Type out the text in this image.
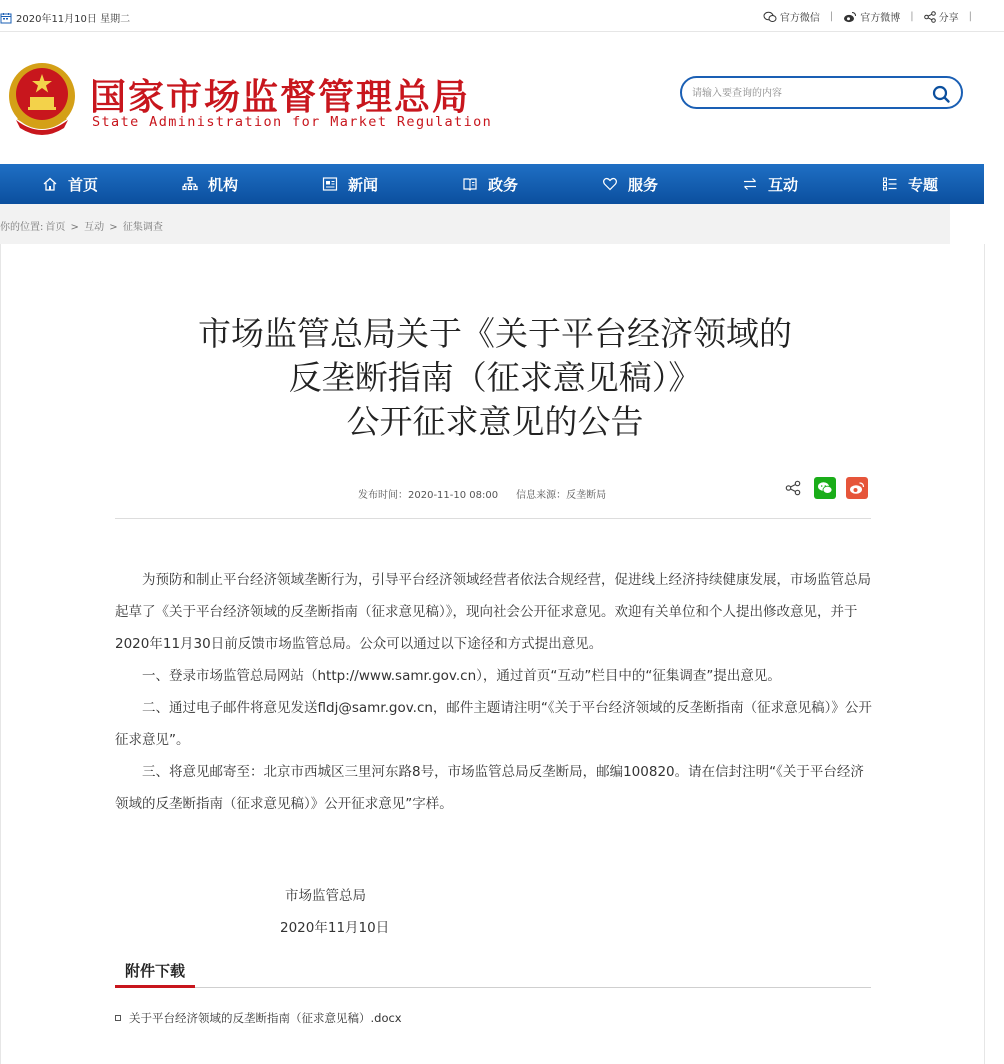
2020年11月10日 星期二	官方微信 |	官方微博 |	分享 |
国家市场监督管理总局
State Administration for Market Regulation
请输入要查询的内容
首页	机构	新闻	政务	服务	互动	专题
你的位置: 首页 > 互动 > 征集调查
市场监管总局关于《关于平台经济领域的
反垄断指南（征求意见稿）》
公开征求意见的公告
发布时间：2020-11-10 08:00 信息来源：反垄断局

为预防和制止平台经济领域垄断行为，引导平台经济领域经营者依法合规经营，促进线上经济持续健康发展，市场监管总局起草了《关于平台经济领域的反垄断指南（征求意见稿）》，现向社会公开征求意见。欢迎有关单位和个人提出修改意见，并于2020年11月30日前反馈市场监管总局。公众可以通过以下途径和方式提出意见。

一、登录市场监管总局网站（http://www.samr.gov.cn），通过首页“互动”栏目中的“征集调查”提出意见。

二、通过电子邮件将意见发送fldj@samr.gov.cn，邮件主题请注明“《关于平台经济领域的反垄断指南（征求意见稿）》公开征求意见”。

三、将意见邮寄至：北京市西城区三里河东路8号，市场监管总局反垄断局，邮编100820。请在信封注明“《关于平台经济领域的反垄断指南（征求意见稿）》公开征求意见”字样。

市场监管总局
2020年11月10日
附件下载
关于平台经济领域的反垄断指南（征求意见稿）.docx
